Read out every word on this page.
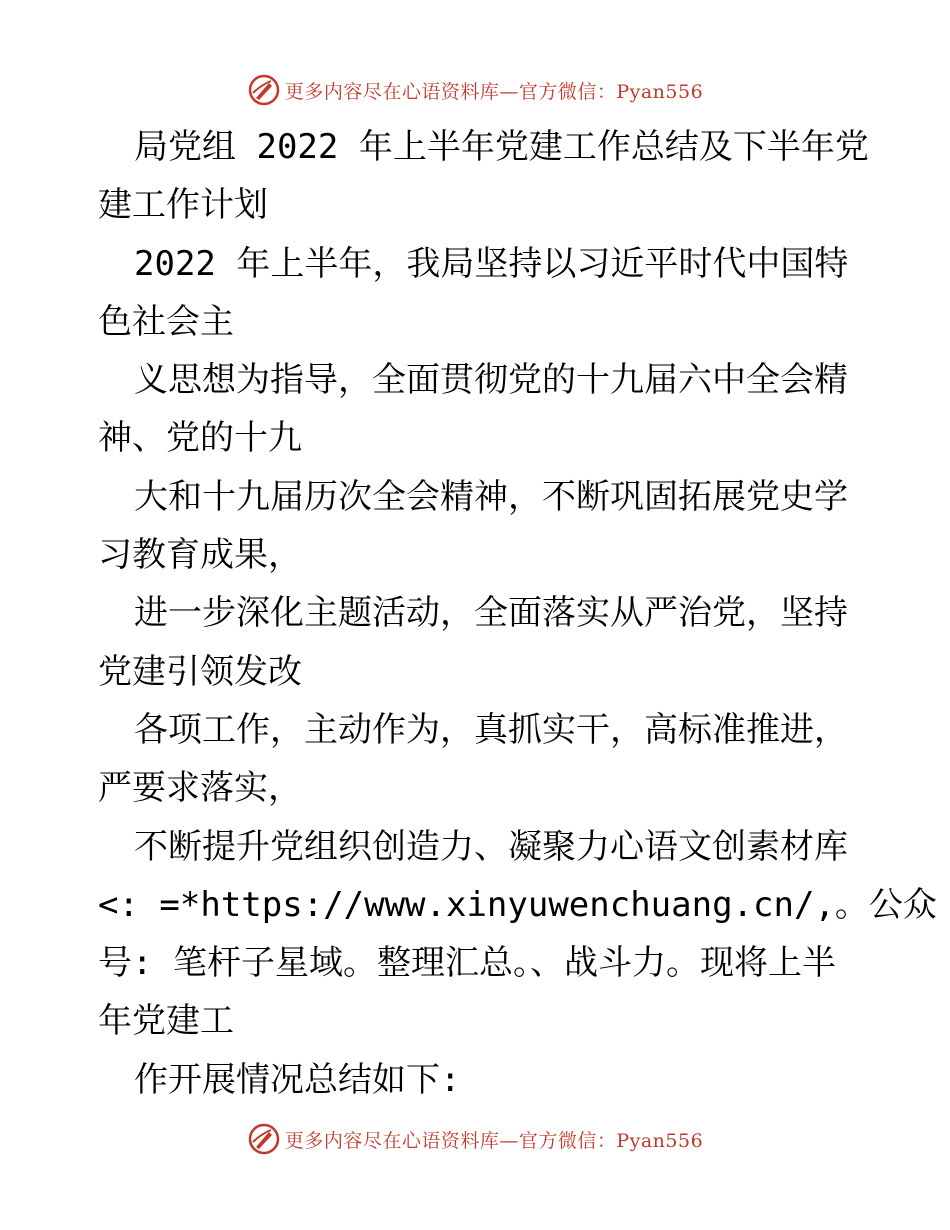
更多内容尽在心语资料库—官方微信：Pyan556
局党组 2022 年上半年党建工作总结及下半年党
建工作计划
2022 年上半年，我局坚持以习近平时代中国特
色社会主
义思想为指导，全面贯彻党的十九届六中全会精
神、党的十九
大和十九届历次全会精神，不断巩固拓展党史学
习教育成果，
进一步深化主题活动，全面落实从严治党，坚持
党建引领发改
各项工作，主动作为，真抓实干，高标准推进，
严要求落实，
不断提升党组织创造力、凝聚力心语文创素材库
<: =*https://www.xinyuwenchuang.cn/,。公众
号: 笔杆子星域。整理汇总。、战斗力。现将上半
年党建工
作开展情况总结如下:
更多内容尽在心语资料库—官方微信：Pyan556
